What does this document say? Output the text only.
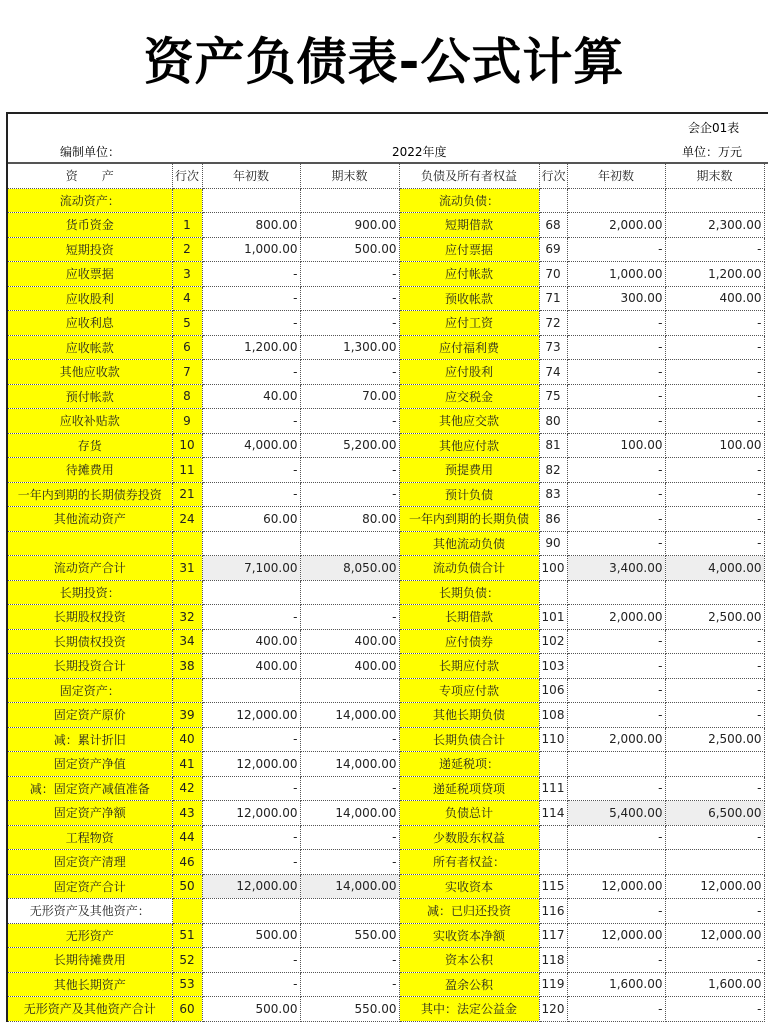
资产负债表-公式计算
会企01表
编制单位：	2022年度	单位：万元
资　　产	行次	年初数	期末数	负债及所有者权益	行次	年初数	期末数
流动资产：				流动负债：			
货币资金	1	800.00	900.00	短期借款	68	2,000.00	2,300.00
短期投资	2	1,000.00	500.00	应付票据	69	-	-
应收票据	3	-	-	应付帐款	70	1,000.00	1,200.00
应收股利	4	-	-	预收帐款	71	300.00	400.00
应收利息	5	-	-	应付工资	72	-	-
应收帐款	6	1,200.00	1,300.00	应付福利费	73	-	-
其他应收款	7	-	-	应付股利	74	-	-
预付帐款	8	40.00	70.00	应交税金	75	-	-
应收补贴款	9	-	-	其他应交款	80	-	-
存货	10	4,000.00	5,200.00	其他应付款	81	100.00	100.00
待摊费用	11	-	-	预提费用	82	-	-
一年内到期的长期债券投资	21	-	-	预计负债	83	-	-
其他流动资产	24	60.00	80.00	一年内到期的长期负债	86	-	-
				其他流动负债	90	-	-
流动资产合计	31	7,100.00	8,050.00	流动负债合计	100	3,400.00	4,000.00
长期投资：				长期负债：			
长期股权投资	32	-	-	长期借款	101	2,000.00	2,500.00
长期债权投资	34	400.00	400.00	应付债券	102	-	-
长期投资合计	38	400.00	400.00	长期应付款	103	-	-
固定资产：				专项应付款	106	-	-
固定资产原价	39	12,000.00	14,000.00	其他长期负债	108	-	-
减：累计折旧	40	-	-	长期负债合计	110	2,000.00	2,500.00
固定资产净值	41	12,000.00	14,000.00	递延税项：			
减：固定资产减值准备	42	-	-	递延税项贷项	111	-	-
固定资产净额	43	12,000.00	14,000.00	负债总计	114	5,400.00	6,500.00
工程物资	44	-	-	少数股东权益		-	-
固定资产清理	46	-	-	所有者权益：			
固定资产合计	50	12,000.00	14,000.00	实收资本	115	12,000.00	12,000.00
无形资产及其他资产：				减：已归还投资	116	-	-
无形资产	51	500.00	550.00	实收资本净额	117	12,000.00	12,000.00
长期待摊费用	52	-	-	资本公积	118	-	-
其他长期资产	53	-	-	盈余公积	119	1,600.00	1,600.00
无形资产及其他资产合计	60	500.00	550.00	其中：法定公益金	120	-	-
